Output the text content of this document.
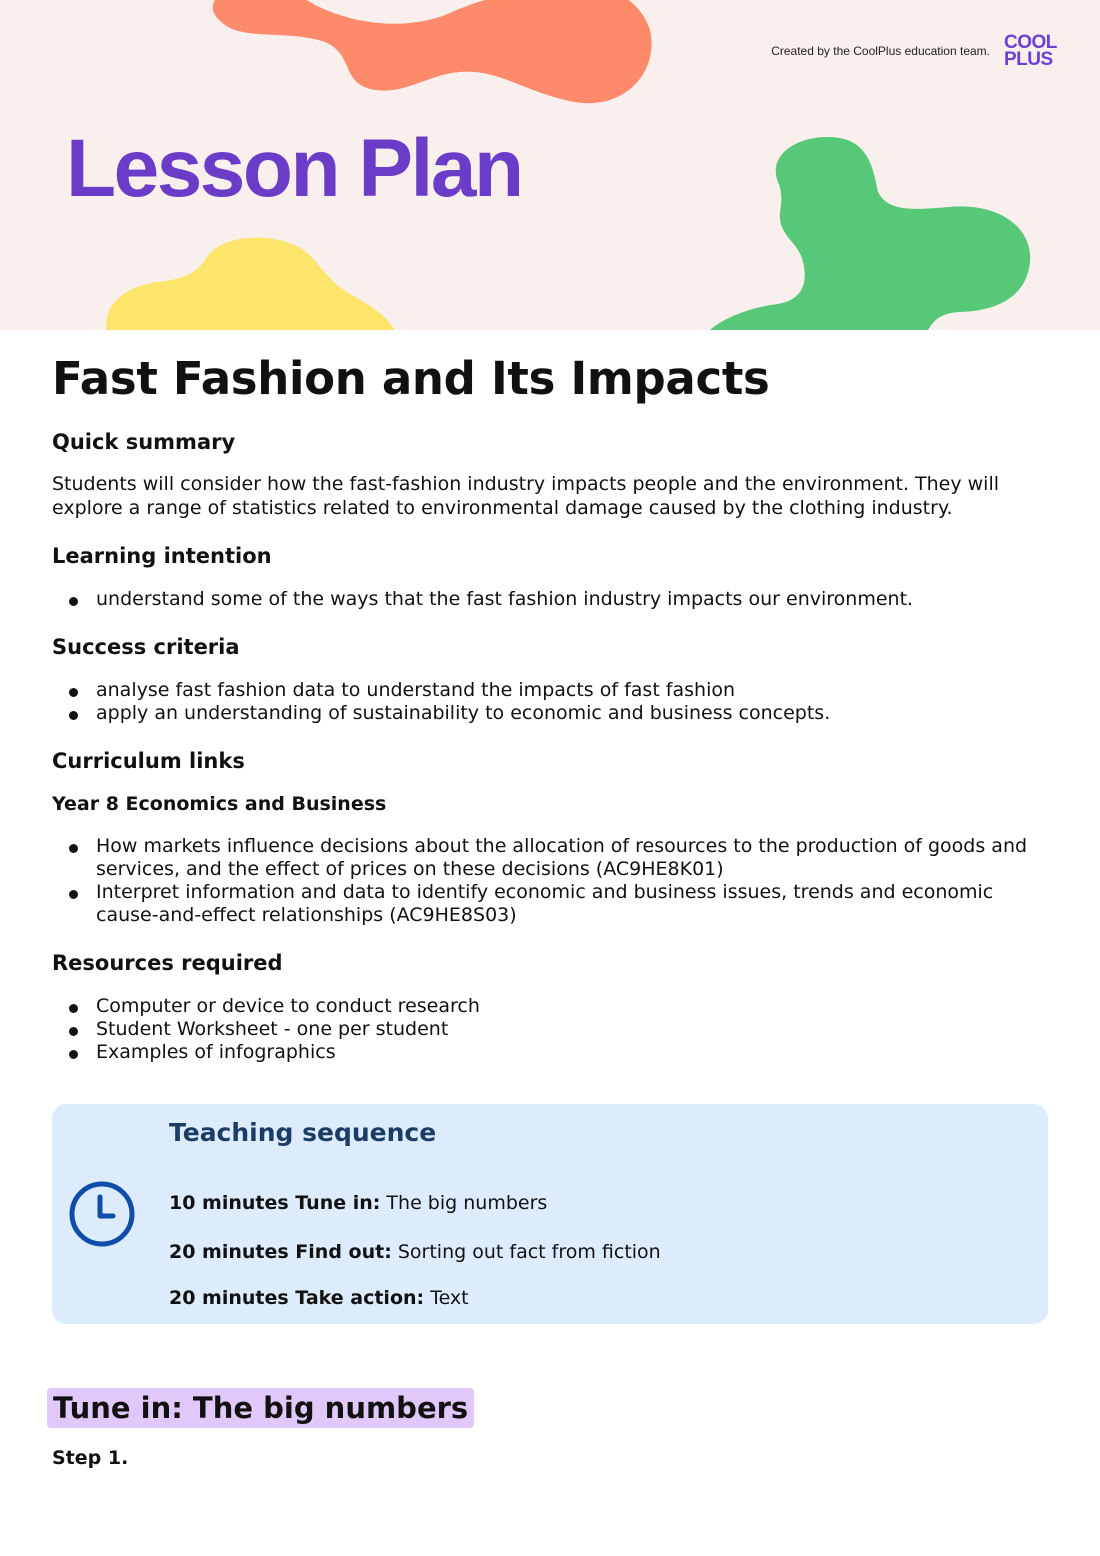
Created by the CoolPlus education team. COOL
PLUS
Lesson Plan
Fast Fashion and Its Impacts
Quick summary

Students will consider how the fast-fashion industry impacts people and the environment. They will explore a range of statistics related to environmental damage caused by the clothing industry.

Learning intention
understand some of the ways that the fast fashion industry impacts our environment.
Success criteria
analyse fast fashion data to understand the impacts of fast fashion
apply an understanding of sustainability to economic and business concepts.
Curriculum links
Year 8 Economics and Business
How markets influence decisions about the allocation of resources to the production of goods and services, and the effect of prices on these decisions (AC9HE8K01)
Interpret information and data to identify economic and business issues, trends and economic cause-and-effect relationships (AC9HE8S03)
Resources required
Computer or device to conduct research
Student Worksheet - one per student
Examples of infographics
Teaching sequence
10 minutes Tune in: The big numbers
20 minutes Find out: Sorting out fact from fiction
20 minutes Take action: Text
Tune in: The big numbers
Step 1.
